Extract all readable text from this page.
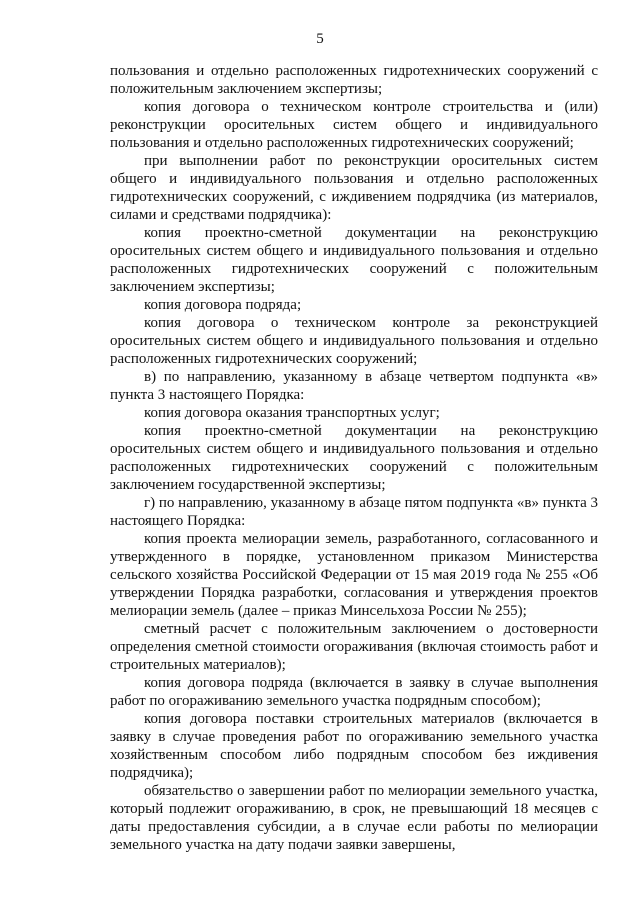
5

пользования и отдельно расположенных гидротехнических сооружений с положительным заключением экспертизы;

копия договора о техническом контроле строительства и (или) реконструкции оросительных систем общего и индивидуального пользования и отдельно расположенных гидротехнических сооружений;

при выполнении работ по реконструкции оросительных систем общего и индивидуального пользования и отдельно расположенных гидротехнических сооружений, с иждивением подрядчика (из материалов, силами и средствами подрядчика):

копия проектно-сметной документации на реконструкцию оросительных систем общего и индивидуального пользования и отдельно расположенных гидротехнических сооружений с положительным заключением экспертизы;

копия договора подряда;

копия договора о техническом контроле за реконструкцией оросительных систем общего и индивидуального пользования и отдельно расположенных гидротехнических сооружений;

в) по направлению, указанному в абзаце четвертом подпункта «в» пункта 3 настоящего Порядка:

копия договора оказания транспортных услуг;

копия проектно-сметной документации на реконструкцию оросительных систем общего и индивидуального пользования и отдельно расположенных гидротехнических сооружений с положительным заключением государственной экспертизы;

г) по направлению, указанному в абзаце пятом подпункта «в» пункта 3 настоящего Порядка:

копия проекта мелиорации земель, разработанного, согласованного и утвержденного в порядке, установленном приказом Министерства сельского хозяйства Российской Федерации от 15 мая 2019 года № 255 «Об утверждении Порядка разработки, согласования и утверждения проектов мелиорации земель (далее – приказ Минсельхоза России № 255);

сметный расчет с положительным заключением о достоверности определения сметной стоимости огораживания (включая стоимость работ и строительных материалов);

копия договора подряда (включается в заявку в случае выполнения работ по огораживанию земельного участка подрядным способом);

копия договора поставки строительных материалов (включается в заявку в случае проведения работ по огораживанию земельного участка хозяйственным способом либо подрядным способом без иждивения подрядчика);

обязательство о завершении работ по мелиорации земельного участка, который подлежит огораживанию, в срок, не превышающий 18 месяцев с даты предоставления субсидии, а в случае если работы по мелиорации земельного участка на дату подачи заявки завершены,
